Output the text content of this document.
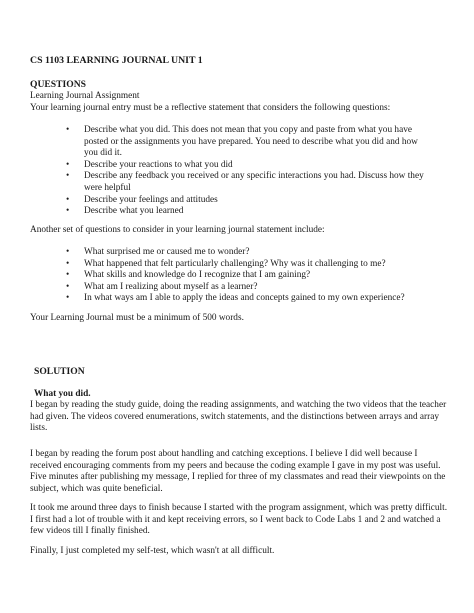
CS 1103 LEARNING JOURNAL UNIT 1
QUESTIONS
Learning Journal Assignment
Your learning journal entry must be a reflective statement that considers the following questions:
• Describe what you did. This does not mean that you copy and paste from what you have posted or the assignments you have prepared. You need to describe what you did and how you did it.
• Describe your reactions to what you did
• Describe any feedback you received or any specific interactions you had. Discuss how they were helpful
• Describe your feelings and attitudes
• Describe what you learned
Another set of questions to consider in your learning journal statement include:
• What surprised me or caused me to wonder?
• What happened that felt particularly challenging? Why was it challenging to me?
• What skills and knowledge do I recognize that I am gaining?
• What am I realizing about myself as a learner?
• In what ways am I able to apply the ideas and concepts gained to my own experience?
Your Learning Journal must be a minimum of 500 words.
SOLUTION
What you did.

I began by reading the study guide, doing the reading assignments, and watching the two videos that the teacher had given. The videos covered enumerations, switch statements, and the distinctions between arrays and array lists.

I began by reading the forum post about handling and catching exceptions. I believe I did well because I received encouraging comments from my peers and because the coding example I gave in my post was useful. Five minutes after publishing my message, I replied for three of my classmates and read their viewpoints on the subject, which was quite beneficial.

It took me around three days to finish because I started with the program assignment, which was pretty difficult. I first had a lot of trouble with it and kept receiving errors, so I went back to Code Labs 1 and 2 and watched a few videos till I finally finished.

Finally, I just completed my self-test, which wasn't at all difficult.
